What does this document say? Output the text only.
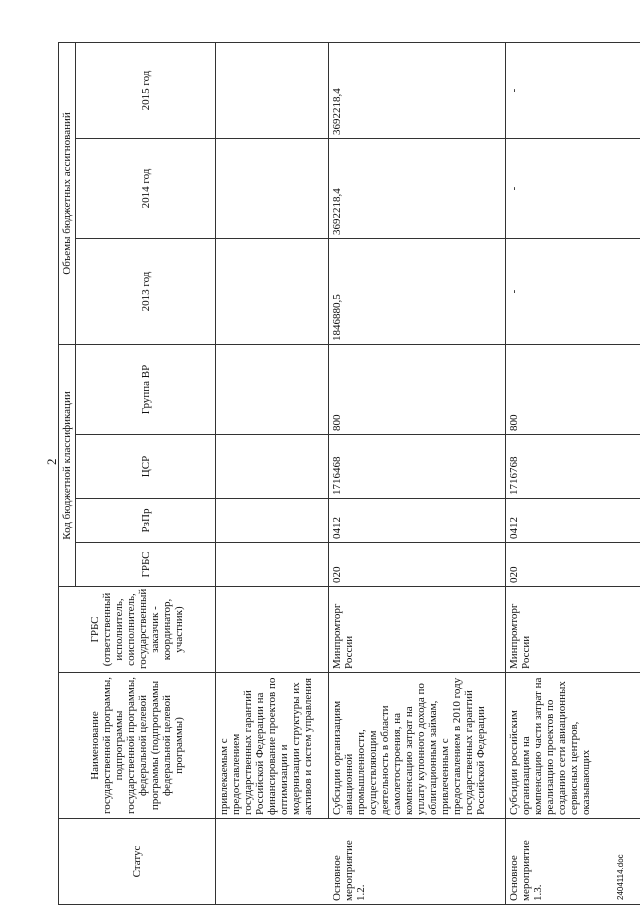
2
Статус	Наименование государственной программы, подпрограммы государственной программы, федеральной целевой программы (подпрограммы федеральной целевой программы)	ГРБС (ответственный исполнитель, соисполнитель, государственный заказчик - координатор, участник)	Код бюджетной классификации				Объемы бюджетных ассигнований		
			ГРБС	РзПр	ЦСР	Группа ВР	2013 год	2014 год	2015 год
	привлекаемым с предоставлением государственных гарантий Российской Федерации на финансирование проектов по оптимизации и модернизации структуры их активов и систем управления								
Основное мероприятие 1.2.	Субсидии организациям авиационной промышленности, осуществляющим деятельность в области самолетостроения, на компенсацию затрат на уплату купонного дохода по облигационным займам, привлеченным с предоставлением в 2010 году государственных гарантий Российской Федерации	Минпромторг России	020	0412	1716468	800	1846880,5	3692218,4	3692218,4
Основное мероприятие 1.3.	Субсидии российским организациям на компенсацию части затрат на реализацию проектов по созданию сети авиационных сервисных центров, оказывающих	Минпромторг России	020	0412	1716768	800	-	-	-
2404114.doc
